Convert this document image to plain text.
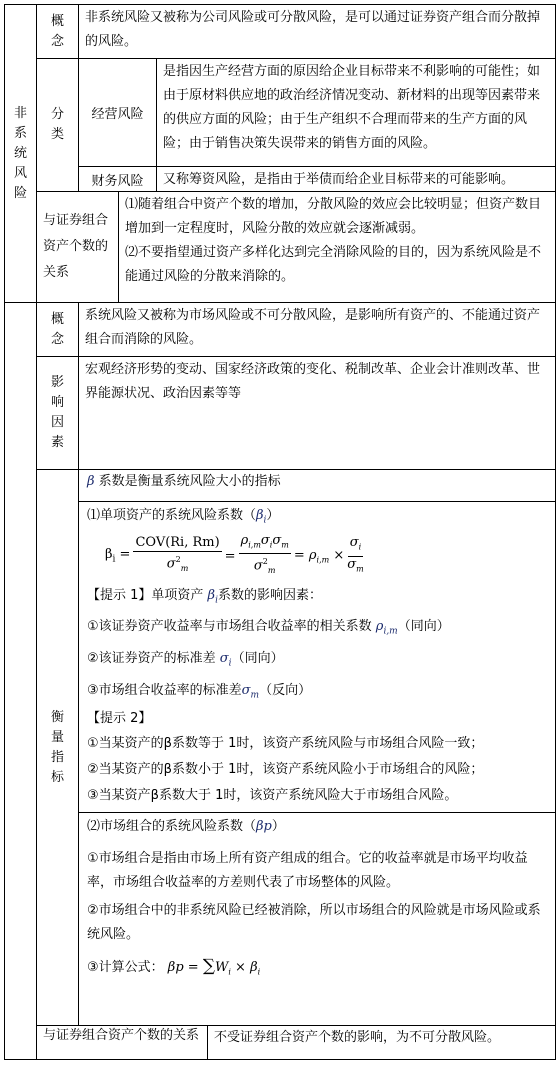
非
系
统
风
险
概
念
非系统风险又被称为公司风险或可分散风险，是可以通过证券资产组合而分散掉的风险。
分
类
经营风险
是指因生产经营方面的原因给企业目标带来不利影响的可能性；如由于原材料供应地的政治经济情况变动、新材料的出现等因素带来的供应方面的风险；由于生产组织不合理而带来的生产方面的风险；由于销售决策失误带来的销售方面的风险。
财务风险	又称筹资风险，是指由于举债而给企业目标带来的可能影响。
与证券组合资产个数的关系
⑴随着组合中资产个数的增加，分散风险的效应会比较明显；但资产数目增加到一定程度时，风险分散的效应就会逐渐减弱。
⑵不要指望通过资产多样化达到完全消除风险的目的，因为系统风险是不能通过风险的分散来消除的。
概
念
系统风险又被称为市场风险或不可分散风险，是影响所有资产的、不能通过资产组合而消除的风险。
影
响
因
素
宏观经济形势的变动、国家经济政策的变化、税制改革、企业会计准则改革、世界能源状况、政治因素等等
衡
量
指
标
β 系数是衡量系统风险大小的指标
⑴单项资产的系统风险系数$(\beta_i)$
$\beta_i = \frac{\text{COV(Ri, Rm)}}{\sigma^2_m} = \frac{\rho_{i,m}\sigma_i\sigma_m}{\sigma^2_m} = \rho_{i,m} \times \frac{\sigma_i}{\sigma_m}$
【提示 1】单项资产 $\beta_i$系数的影响因素：
①该证券资产收益率与市场组合收益率的相关系数 $\rho_{i,m}$（同向）
②该证券资产的标准差 $\sigma_i$（同向）
③市场组合收益率的标准差$\sigma_m$（反向）
【提示 2】
①当某资产的β系数等于 1时，该资产系统风险与市场组合风险一致；
②当某资产的β系数小于 1时，该资产系统风险小于市场组合的风险；
③当某资产β系数大于 1时，该资产系统风险大于市场组合风险。
⑵市场组合的系统风险系数（βp）
①市场组合是指由市场上所有资产组成的组合。它的收益率就是市场平均收益率，市场组合收益率的方差则代表了市场整体的风险。
②市场组合中的非系统风险已经被消除，所以市场组合的风险就是市场风险或系统风险。
③计算公式： $\beta p = \sum W_i \times \beta_i$
与证券组合资产个数的关系	不受证券组合资产个数的影响，为不可分散风险。
